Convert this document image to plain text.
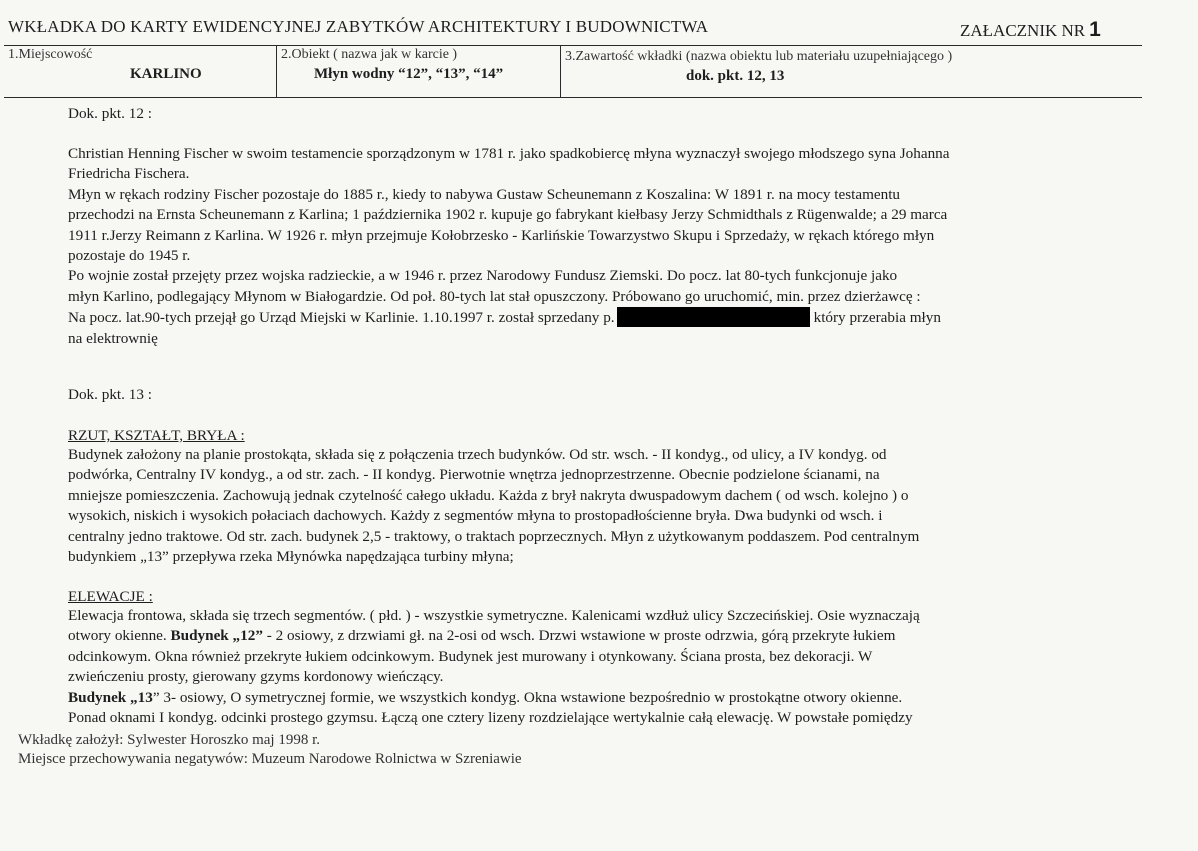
WKŁADKA DO KARTY EWIDENCYJNEJ ZABYTKÓW ARCHITEKTURY I BUDOWNICTWA	ZAŁACZNIK NR 1
1.Miejscowość
KARLINO
2.Obiekt ( nazwa jak w karcie )
Młyn wodny “12”, “13”, “14”
3.Zawartość wkładki (nazwa obiektu lub materiału uzupełniającego )
dok. pkt. 12, 13
Dok. pkt. 12 :
Christian Henning Fischer w swoim testamencie sporządzonym w 1781 r. jako spadkobiercę młyna wyznaczył swojego młodszego syna Johanna
Friedricha Fischera.
Młyn w rękach rodziny Fischer pozostaje do 1885 r., kiedy to nabywa Gustaw Scheunemann z Koszalina: W 1891 r. na mocy testamentu
przechodzi na Ernsta Scheunemann z Karlina; 1 października 1902 r. kupuje go fabrykant kiełbasy Jerzy Schmidthals z Rügenwalde; a 29 marca
1911 r.Jerzy Reimann z Karlina. W 1926 r. młyn przejmuje Kołobrzesko - Karlińskie Towarzystwo Skupu i Sprzedaży, w rękach którego młyn
pozostaje do 1945 r.
Po wojnie został przejęty przez wojska radzieckie, a w 1946 r. przez Narodowy Fundusz Ziemski. Do pocz. lat 80-tych funkcjonuje jako
młyn Karlino, podlegający Młynom w Białogardzie. Od poł. 80-tych lat stał opuszczony. Próbowano go uruchomić, min. przez dzierżawcę :
Na pocz. lat.90-tych przejął go Urząd Miejski w Karlinie. 1.10.1997 r. został sprzedany p.	który przerabia młyn
na elektrownię
Dok. pkt. 13 :
RZUT, KSZTAŁT, BRYŁA :
Budynek założony na planie prostokąta, składa się z połączenia trzech budynków. Od str. wsch. - II kondyg., od ulicy, a IV kondyg. od
podwórka, Centralny IV kondyg., a od str. zach. - II kondyg. Pierwotnie wnętrza jednoprzestrzenne. Obecnie podzielone ścianami, na
mniejsze pomieszczenia. Zachowują jednak czytelność całego układu. Każda z brył nakryta dwuspadowym dachem ( od wsch. kolejno ) o
wysokich, niskich i wysokich połaciach dachowych. Każdy z segmentów młyna to prostopadłościenne bryła. Dwa budynki od wsch. i
centralny jedno traktowe. Od str. zach. budynek 2,5 - traktowy, o traktach poprzecznych. Młyn z użytkowanym poddaszem. Pod centralnym
budynkiem „13” przepływa rzeka Młynówka napędzająca turbiny młyna;
ELEWACJE :
Elewacja frontowa, składa się trzech segmentów. ( płd. ) - wszystkie symetryczne. Kalenicami wzdłuż ulicy Szczecińskiej. Osie wyznaczają
otwory okienne. Budynek „12” - 2 osiowy, z drzwiami gł. na 2-osi od wsch. Drzwi wstawione w proste odrzwia, górą przekryte łukiem
odcinkowym. Okna również przekryte łukiem odcinkowym. Budynek jest murowany i otynkowany. Ściana prosta, bez dekoracji. W
zwieńczeniu prosty, gierowany gzyms kordonowy wieńczący.
Budynek „13” 3- osiowy, O symetrycznej formie, we wszystkich kondyg. Okna wstawione bezpośrednio w prostokątne otwory okienne.
Ponad oknami I kondyg. odcinki prostego gzymsu. Łączą one cztery lizeny rozdzielające wertykalnie całą elewację. W powstałe pomiędzy
Wkładkę założył: Sylwester Horoszko maj 1998 r.
Miejsce przechowywania negatywów: Muzeum Narodowe Rolnictwa w Szreniawie
